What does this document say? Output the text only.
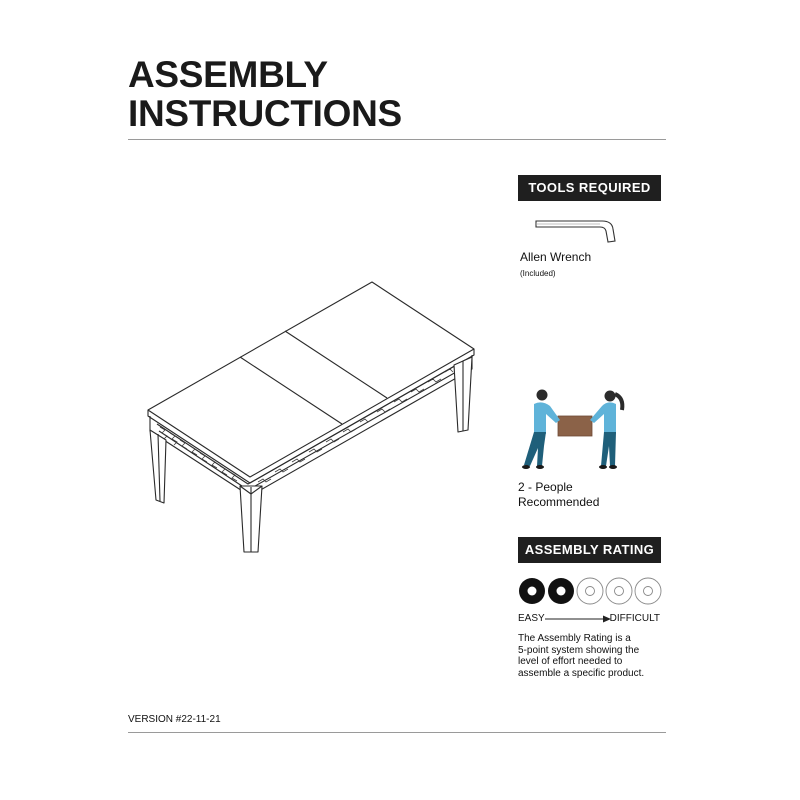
ASSEMBLY
INSTRUCTIONS
TOOLS REQUIRED
Allen Wrench
(Included)
2 - People
Recommended
ASSEMBLY RATING
EASY	DIFFICULT
The Assembly Rating is a
5-point system showing the
level of effort needed to
assemble a specific product.
VERSION #22-11-21
